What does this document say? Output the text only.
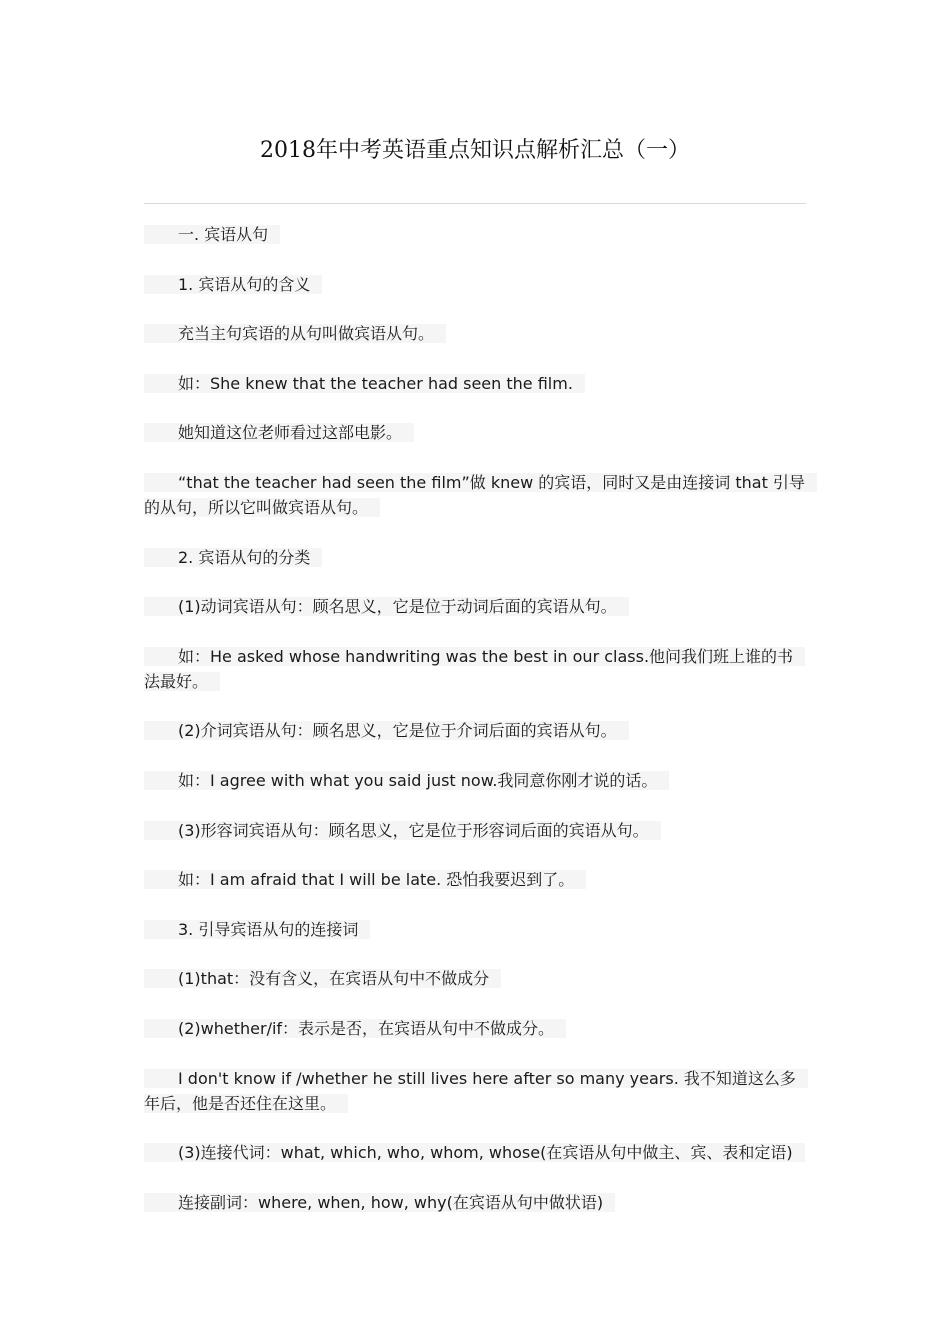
2018年中考英语重点知识点解析汇总（一）

一. 宾语从句

1. 宾语从句的含义

充当主句宾语的从句叫做宾语从句。

如：She knew that the teacher had seen the film.

她知道这位老师看过这部电影。

“that the teacher had seen the film”做 knew 的宾语，同时又是由连接词 that 引导的从句，所以它叫做宾语从句。

2. 宾语从句的分类

(1)动词宾语从句：顾名思义，它是位于动词后面的宾语从句。

如：He asked whose handwriting was the best in our class.他问我们班上谁的书法最好。

(2)介词宾语从句：顾名思义，它是位于介词后面的宾语从句。

如：I agree with what you said just now.我同意你刚才说的话。

(3)形容词宾语从句：顾名思义，它是位于形容词后面的宾语从句。

如：I am afraid that I will be late. 恐怕我要迟到了。

3. 引导宾语从句的连接词

(1)that：没有含义，在宾语从句中不做成分

(2)whether/if：表示是否，在宾语从句中不做成分。

I don't know if /whether he still lives here after so many years. 我不知道这么多年后，他是否还住在这里。

(3)连接代词：what, which, who, whom, whose(在宾语从句中做主、宾、表和定语)

连接副词：where, when, how, why(在宾语从句中做状语)
